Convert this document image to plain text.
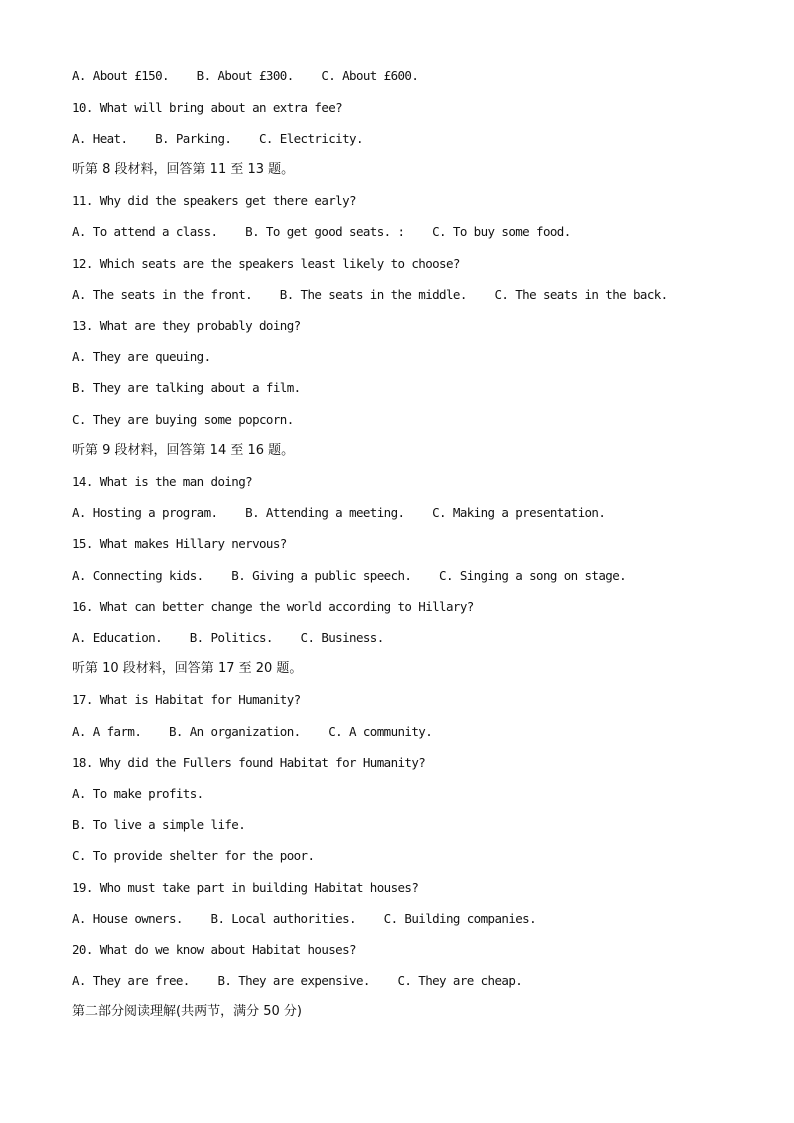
A. About £150.    B. About £300.    C. About £600.
10. What will bring about an extra fee?
A. Heat.    B. Parking.    C. Electricity.
听第 8 段材料，回答第 11 至 13 题。
11. Why did the speakers get there early?
A. To attend a class.    B. To get good seats. :    C. To buy some food.
12. Which seats are the speakers least likely to choose?
A. The seats in the front.    B. The seats in the middle.    C. The seats in the back.
13. What are they probably doing?
A. They are queuing.
B. They are talking about a film.
C. They are buying some popcorn.
听第 9 段材料，回答第 14 至 16 题。
14. What is the man doing?
A. Hosting a program.    B. Attending a meeting.    C. Making a presentation.
15. What makes Hillary nervous?
A. Connecting kids.    B. Giving a public speech.    C. Singing a song on stage.
16. What can better change the world according to Hillary?
A. Education.    B. Politics.    C. Business.
听第 10 段材料，回答第 17 至 20 题。
17. What is Habitat for Humanity?
A. A farm.    B. An organization.    C. A community.
18. Why did the Fullers found Habitat for Humanity?
A. To make profits.
B. To live a simple life.
C. To provide shelter for the poor.
19. Who must take part in building Habitat houses?
A. House owners.    B. Local authorities.    C. Building companies.
20. What do we know about Habitat houses?
A. They are free.    B. They are expensive.    C. They are cheap.
第二部分阅读理解(共两节，满分 50 分)
